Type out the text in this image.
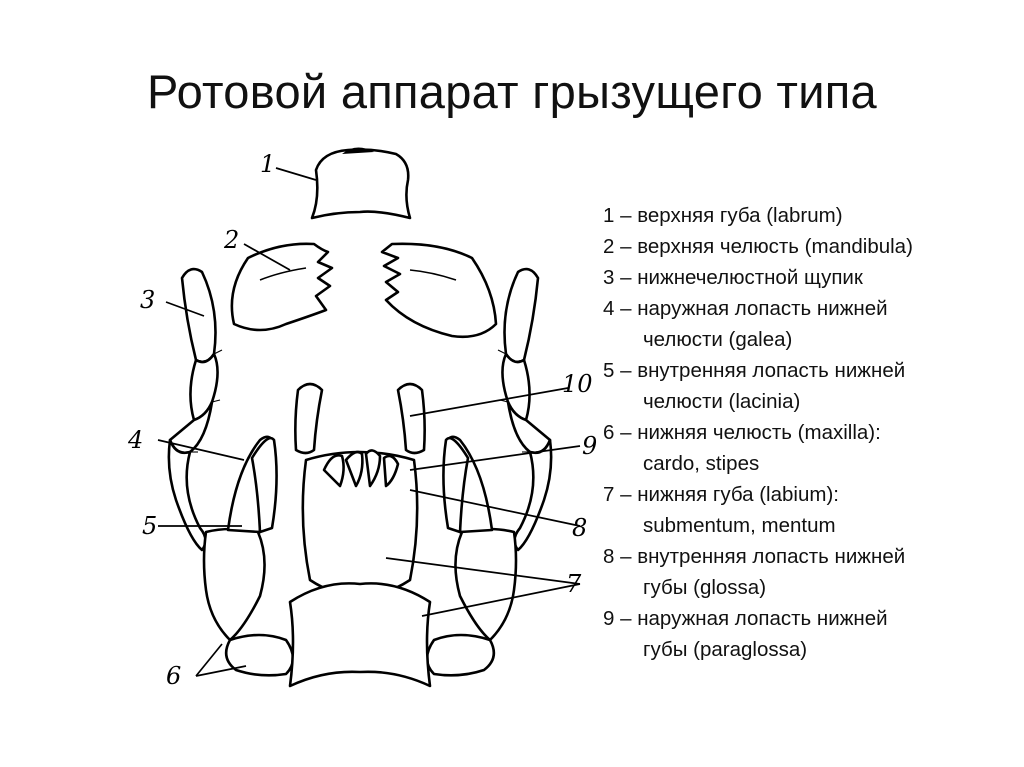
Ротовой аппарат грызущего типа
1
2
3
4
5
6
7
8
9
10
1 – верхняя губа (labrum)
2 – верхняя челюсть (mandibula)
3 – нижнечелюстной щупик
4 – наружная лопасть нижней
челюсти (galea)
5 – внутренняя лопасть нижней
челюсти (lacinia)
6 – нижняя челюсть (maxilla):
cardo, stipes
7 – нижняя губа (labium):
submentum, mentum
8 – внутренняя лопасть нижней
губы (glossa)
9 – наружная лопасть нижней
губы (paraglossa)
